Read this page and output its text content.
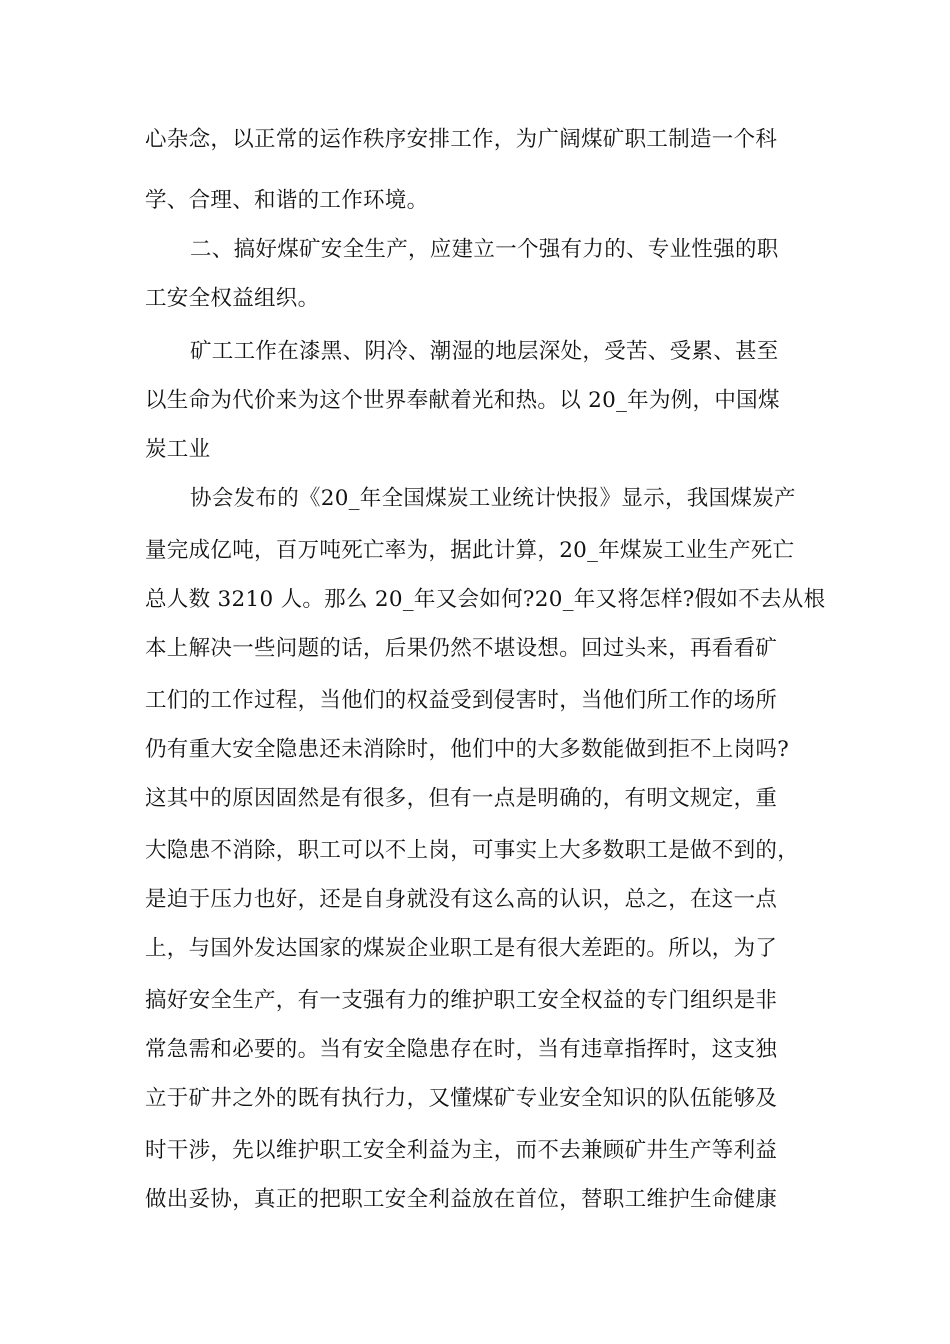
心杂念，以正常的运作秩序安排工作，为广阔煤矿职工制造一个科

学、合理、和谐的工作环境。

二、搞好煤矿安全生产，应建立一个强有力的、专业性强的职

工安全权益组织。

矿工工作在漆黑、阴冷、潮湿的地层深处，受苦、受累、甚至

以生命为代价来为这个世界奉献着光和热。以 20_年为例，中国煤

炭工业

协会发布的《20_年全国煤炭工业统计快报》显示，我国煤炭产

量完成亿吨，百万吨死亡率为，据此计算，20_年煤炭工业生产死亡

总人数 3210 人。那么 20_年又会如何?20_年又将怎样?假如不去从根

本上解决一些问题的话，后果仍然不堪设想。回过头来，再看看矿

工们的工作过程，当他们的权益受到侵害时，当他们所工作的场所

仍有重大安全隐患还未消除时，他们中的大多数能做到拒不上岗吗?

这其中的原因固然是有很多，但有一点是明确的，有明文规定，重

大隐患不消除，职工可以不上岗，可事实上大多数职工是做不到的，

是迫于压力也好，还是自身就没有这么高的认识，总之，在这一点

上，与国外发达国家的煤炭企业职工是有很大差距的。所以，为了

搞好安全生产，有一支强有力的维护职工安全权益的专门组织是非

常急需和必要的。当有安全隐患存在时，当有违章指挥时，这支独

立于矿井之外的既有执行力，又懂煤矿专业安全知识的队伍能够及

时干涉，先以维护职工安全利益为主，而不去兼顾矿井生产等利益

做出妥协，真正的把职工安全利益放在首位，替职工维护生命健康
